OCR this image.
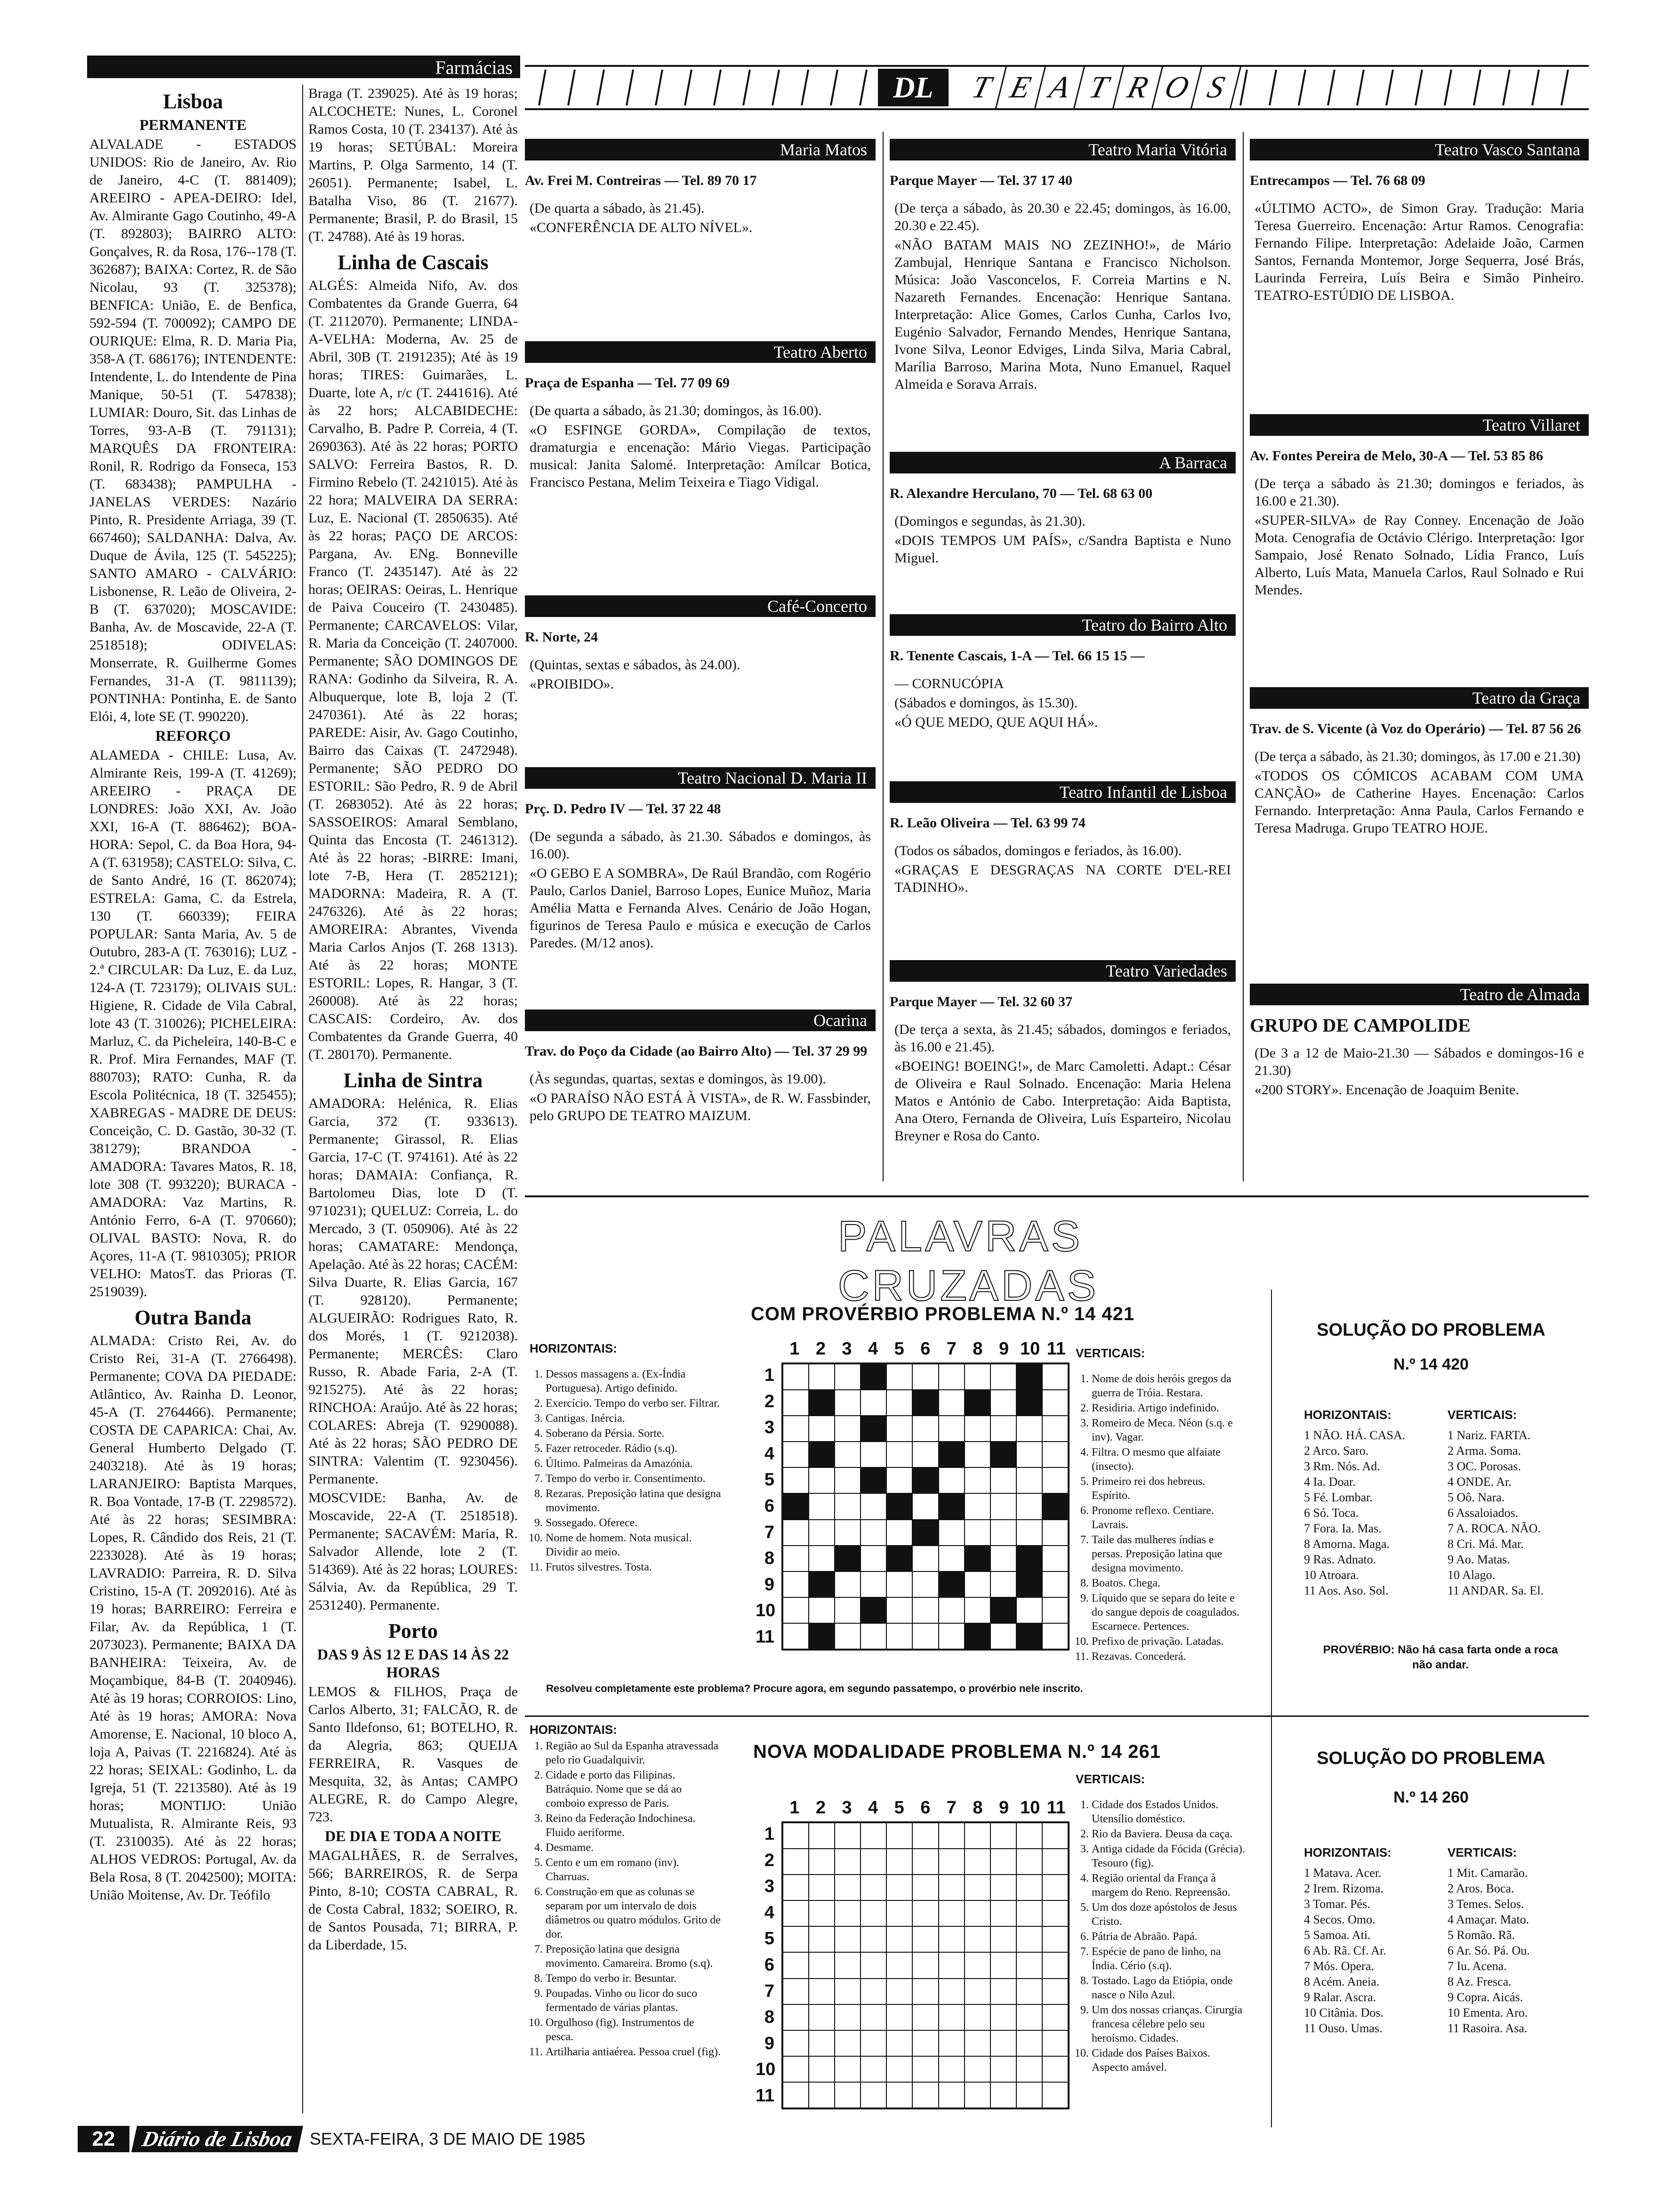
Farmácias
Lisboa
PERMANENTE

ALVALADE - ESTADOS UNIDOS: Rio de Janeiro, Av. Rio de Janeiro, 4-C (T. 881409); AREEIRO - APEA-DEIRO: Idel, Av. Almirante Gago Coutinho, 49-A (T. 892803); BAIRRO ALTO: Gonçalves, R. da Rosa, 176--178 (T. 362687); BAIXA: Cortez, R. de São Nicolau, 93 (T. 325378); BENFICA: União, E. de Benfica, 592-594 (T. 700092); CAMPO DE OURIQUE: Elma, R. D. Maria Pia, 358-A (T. 686176); INTENDENTE: Intendente, L. do Intendente de Pina Manique, 50-51 (T. 547838); LUMIAR: Douro, Sit. das Linhas de Torres, 93-A-B (T. 791131); MARQUÊS DA FRONTEIRA: Ronil, R. Rodrigo da Fonseca, 153 (T. 683438); PAMPULHA - JANELAS VERDES: Nazário Pinto, R. Presidente Arriaga, 39 (T. 667460); SALDANHA: Dalva, Av. Duque de Ávila, 125 (T. 545225); SANTO AMARO - CALVÁRIO: Lisbonense, R. Leão de Oliveira, 2-B (T. 637020); MOSCAVIDE: Banha, Av. de Moscavide, 22-A (T. 2518518); ODIVELAS: Monserrate, R. Guilherme Gomes Fernandes, 31-A (T. 9811139); PONTINHA: Pontinha, E. de Santo Elói, 4, lote SE (T. 990220).

REFORÇO

ALAMEDA - CHILE: Lusa, Av. Almirante Reis, 199-A (T. 41269); AREEIRO - PRAÇA DE LONDRES: João XXI, Av. João XXI, 16-A (T. 886462); BOA-HORA: Sepol, C. da Boa Hora, 94-A (T. 631958); CASTELO: Silva, C. de Santo André, 16 (T. 862074); ESTRELA: Gama, C. da Estrela, 130 (T. 660339); FEIRA POPULAR: Santa Maria, Av. 5 de Outubro, 283-A (T. 763016); LUZ - 2.ª CIRCULAR: Da Luz, E. da Luz, 124-A (T. 723179); OLIVAIS SUL: Higiene, R. Cidade de Vila Cabral, lote 43 (T. 310026); PICHELEIRA: Marluz, C. da Picheleira, 140-B-C e R. Prof. Mira Fernandes, MAF (T. 880703); RATO: Cunha, R. da Escola Politécnica, 18 (T. 325455); XABREGAS - MADRE DE DEUS: Conceição, C. D. Gastão, 30-32 (T. 381279); BRANDOA - AMADORA: Tavares Matos, R. 18, lote 308 (T. 993220); BURACA -AMADORA: Vaz Martins, R. António Ferro, 6-A (T. 970660); OLIVAL BASTO: Nova, R. do Açores, 11-A (T. 9810305); PRIOR VELHO: MatosT. das Prioras (T. 2519039).

Outra Banda

ALMADA: Cristo Rei, Av. do Cristo Rei, 31-A (T. 2766498). Permanente; COVA DA PIEDADE: Atlântico, Av. Rainha D. Leonor, 45-A (T. 2764466). Permanente; COSTA DE CAPARICA: Chai, Av. General Humberto Delgado (T. 2403218). Até às 19 horas; LARANJEIRO: Baptista Marques, R. Boa Vontade, 17-B (T. 2298572). Até às 22 horas; SESIMBRA: Lopes, R. Cândido dos Reis, 21 (T. 2233028). Até às 19 horas; LAVRADIO: Parreira, R. D. Silva Cristino, 15-A (T. 2092016). Até às 19 horas; BARREIRO: Ferreira e Filar, Av. da República, 1 (T. 2073023). Permanente; BAIXA DA BANHEIRA: Teixeira, Av. de Moçambique, 84-B (T. 2040946). Até às 19 horas; CORROIOS: Lino, Até às 19 horas; AMORA: Nova Amorense, E. Nacional, 10 bloco A, loja A, Paivas (T. 2216824). Até às 22 horas; SEIXAL: Godinho, L. da Igreja, 51 (T. 2213580). Até às 19 horas; MONTIJO: União Mutualista, R. Almirante Reis, 93 (T. 2310035). Até às 22 horas; ALHOS VEDROS: Portugal, Av. da Bela Rosa, 8 (T. 2042500); MOITA: União Moitense, Av. Dr. Teófilo

Braga (T. 239025). Até às 19 horas; ALCOCHETE: Nunes, L. Coronel Ramos Costa, 10 (T. 234137). Até às 19 horas; SETÚBAL: Moreira Martins, P. Olga Sarmento, 14 (T. 26051). Permanente; Isabel, L. Batalha Viso, 86 (T. 21677). Permanente; Brasil, P. do Brasil, 15 (T. 24788). Até às 19 horas.

Linha de Cascais

ALGÉS: Almeida Nifo, Av. dos Combatentes da Grande Guerra, 64 (T. 2112070). Permanente; LINDA-A-VELHA: Moderna, Av. 25 de Abril, 30B (T. 2191235); Até às 19 horas; TIRES: Guimarães, L. Duarte, lote A, r/c (T. 2441616). Até às 22 hors; ALCABIDECHE: Carvalho, B. Padre P. Correia, 4 (T. 2690363). Até às 22 horas; PORTO SALVO: Ferreira Bastos, R. D. Firmino Rebelo (T. 2421015). Até às 22 hora; MALVEIRA DA SERRA: Luz, E. Nacional (T. 2850635). Até às 22 horas; PAÇO DE ARCOS: Pargana, Av. ENg. Bonneville Franco (T. 2435147). Até às 22 horas; OEIRAS: Oeiras, L. Henrique de Paiva Couceiro (T. 2430485). Permanente; CARCAVELOS: Vilar, R. Maria da Conceição (T. 2407000. Permanente; SÃO DOMINGOS DE RANA: Godinho da Silveira, R. A. Albuquerque, lote B, loja 2 (T. 2470361). Até às 22 horas; PAREDE: Aisir, Av. Gago Coutinho, Bairro das Caixas (T. 2472948). Permanente; SÃO PEDRO DO ESTORIL: São Pedro, R. 9 de Abril (T. 2683052). Até às 22 horas; SASSOEIROS: Amaral Semblano, Quinta das Encosta (T. 2461312). Até às 22 horas; -BIRRE: Imani, lote 7-B, Hera (T. 2852121); MADORNA: Madeira, R. A (T. 2476326). Até às 22 horas; AMOREIRA: Abrantes, Vivenda Maria Carlos Anjos (T. 268 1313). Até às 22 horas; MONTE ESTORIL: Lopes, R. Hangar, 3 (T. 260008). Até às 22 horas; CASCAIS: Cordeiro, Av. dos Combatentes da Grande Guerra, 40 (T. 280170). Permanente.

Linha de Sintra

AMADORA: Helénica, R. Elias Garcia, 372 (T. 933613). Permanente; Girassol, R. Elias Garcia, 17-C (T. 974161). Até às 22 horas; DAMAIA: Confiança, R. Bartolomeu Dias, lote D (T. 9710231); QUELUZ: Correia, L. do Mercado, 3 (T. 050906). Até às 22 horas; CAMATARE: Mendonça, Apelação. Até às 22 horas; CACÉM: Silva Duarte, R. Elias Garcia, 167 (T. 928120). Permanente; ALGUEIRÃO: Rodrigues Rato, R. dos Morés, 1 (T. 9212038). Permanente; MERCÊS: Claro Russo, R. Abade Faria, 2-A (T. 9215275). Até às 22 horas; RINCHOA: Araújo. Até às 22 horas; COLARES: Abreja (T. 9290088). Até às 22 horas; SÃO PEDRO DE SINTRA: Valentim (T. 9230456). Permanente.

MOSCVIDE: Banha, Av. de Moscavide, 22-A (T. 2518518). Permanente; SACAVÉM: Maria, R. Salvador Allende, lote 2 (T. 514369). Até às 22 horas; LOURES: Sálvia, Av. da República, 29 T. 2531240). Permanente.

Porto
DAS 9 ÀS 12 E DAS 14 ÀS 22 HORAS

LEMOS & FILHOS, Praça de Carlos Alberto, 31; FALCÃO, R. de Santo Ildefonso, 61; BOTELHO, R. da Alegria, 863; QUEIJA FERREIRA, R. Vasques de Mesquita, 32, às Antas; CAMPO ALEGRE, R. do Campo Alegre, 723.

DE DIA E TODA A NOITE

MAGALHÃES, R. de Serralves, 566; BARREIROS, R. de Serpa Pinto, 8-10; COSTA CABRAL, R. de Costa Cabral, 1832; SOEIRO, R. de Santos Pousada, 71; BIRRA, P. da Liberdade, 15.

DL	T E A T R O S
Maria Matos
Av. Frei M. Contreiras — Tel. 89 70 17

(De quarta a sábado, às 21.45).

«CONFERÊNCIA DE ALTO NÍVEL».

Teatro Maria Vitória
Parque Mayer — Tel. 37 17 40

(De terça a sábado, às 20.30 e 22.45; domingos, às 16.00, 20.30 e 22.45).

«NÃO BATAM MAIS NO ZEZINHO!», de Mário Zambujal, Henrique Santana e Francisco Nicholson. Música: João Vasconcelos, F. Correia Martins e N. Nazareth Fernandes. Encenação: Henrique Santana. Interpretação: Alice Gomes, Carlos Cunha, Carlos Ivo, Eugénio Salvador, Fernando Mendes, Henrique Santana, Ivone Silva, Leonor Edviges, Linda Silva, Maria Cabral, Marília Barroso, Marina Mota, Nuno Emanuel, Raquel Almeida e Sorava Arrais.

Teatro Vasco Santana
Entrecampos — Tel. 76 68 09

«ÚLTIMO ACTO», de Simon Gray. Tradução: Maria Teresa Guerreiro. Encenação: Artur Ramos. Cenografia: Fernando Filipe. Interpretação: Adelaide João, Carmen Santos, Fernanda Montemor, Jorge Sequerra, José Brás, Laurinda Ferreira, Luís Beira e Simão Pinheiro. TEATRO-ESTÚDIO DE LISBOA.

Teatro Aberto
Praça de Espanha — Tel. 77 09 69

(De quarta a sábado, às 21.30; domingos, às 16.00).

«O ESFINGE GORDA», Compilação de textos, dramaturgia e encenação: Mário Viegas. Participação musical: Janita Salomé. Interpretação: Amílcar Botica, Francisco Pestana, Melim Teixeira e Tiago Vidigal.

A Barraca
R. Alexandre Herculano, 70 — Tel. 68 63 00

(Domingos e segundas, às 21.30).

«DOIS TEMPOS UM PAÍS», c/Sandra Baptista e Nuno Miguel.

Teatro Villaret
Av. Fontes Pereira de Melo, 30-A — Tel. 53 85 86

(De terça a sábado às 21.30; domingos e feriados, às 16.00 e 21.30).

«SUPER-SILVA» de Ray Conney. Encenação de João Mota. Cenografia de Octávio Clérigo. Interpretação: Igor Sampaio, José Renato Solnado, Lídia Franco, Luís Alberto, Luís Mata, Manuela Carlos, Raul Solnado e Rui Mendes.

Café-Concerto
R. Norte, 24

(Quintas, sextas e sábados, às 24.00).

«PROIBIDO».

Teatro do Bairro Alto
R. Tenente Cascais, 1-A — Tel. 66 15 15 —

— CORNUCÓPIA

(Sábados e domingos, às 15.30).

«Ó QUE MEDO, QUE AQUI HÁ».

Teatro da Graça
Trav. de S. Vicente (à Voz do Operário) — Tel. 87 56 26

(De terça a sábado, às 21.30; domingos, às 17.00 e 21.30)

«TODOS OS CÓMICOS ACABAM COM UMA CANÇÃO» de Catherine Hayes. Encenação: Carlos Fernando. Interpretação: Anna Paula, Carlos Fernando e Teresa Madruga. Grupo TEATRO HOJE.

Teatro Nacional D. Maria II
Prç. D. Pedro IV — Tel. 37 22 48

(De segunda a sábado, às 21.30. Sábados e domingos, às 16.00).

«O GEBO E A SOMBRA», De Raúl Brandão, com Rogério Paulo, Carlos Daniel, Barroso Lopes, Eunice Muñoz, Maria Amélia Matta e Fernanda Alves. Cenário de João Hogan, figurinos de Teresa Paulo e música e execução de Carlos Paredes. (M/12 anos).

Teatro Infantil de Lisboa
R. Leão Oliveira — Tel. 63 99 74

(Todos os sábados, domingos e feriados, às 16.00).

«GRAÇAS E DESGRAÇAS NA CORTE D'EL-REI TADINHO».

Teatro Variedades
Parque Mayer — Tel. 32 60 37

(De terça a sexta, às 21.45; sábados, domingos e feriados, às 16.00 e 21.45).

«BOEING! BOEING!», de Marc Camoletti. Adapt.: César de Oliveira e Raul Solnado. Encenação: Maria Helena Matos e António de Cabo. Interpretação: Aida Baptista, Ana Otero, Fernanda de Oliveira, Luís Esparteiro, Nicolau Breyner e Rosa do Canto.

Teatro de Almada
GRUPO DE CAMPOLIDE

(De 3 a 12 de Maio-21.30 — Sábados e domingos-16 e 21.30)

«200 STORY». Encenação de Joaquim Benite.

Ocarina
Trav. do Poço da Cidade (ao Bairro Alto) — Tel. 37 29 99

(Às segundas, quartas, sextas e domingos, às 19.00).

«O PARAÍSO NÃO ESTÁ À VISTA», de R. W. Fassbinder, pelo GRUPO DE TEATRO MAIZUM.

PALAVRAS CRUZADAS
COM PROVÉRBIO PROBLEMA N.º 14 421
HORIZONTAIS:
1. Dessos massagens a. (Ex-Índia Portuguesa). Artigo definido.
2. Exercício. Tempo do verbo ser. Filtrar.
3. Cantigas. Inércia.
4. Soberano da Pérsia. Sorte.
5. Fazer retroceder. Rádio (s.q).
6. Último. Palmeiras da Amazónia.
7. Tempo do verbo ir. Consentimento.
8. Rezaras. Preposição latina que designa movimento.
9. Sossegado. Oferece.
10. Nome de homem. Nota musical. Dividir ao meio.
11. Frutos silvestres. Tosta.
1 2 3 4 5 6 7 8 9 10 11
1
2
3
4
5
6
7
8
9
10
11
VERTICAIS:
1. Nome de dois heróis gregos da guerra de Tróia. Restara.
2. Residiria. Artigo indefinido.
3. Romeiro de Meca. Néon (s.q. e inv). Vagar.
4. Filtra. O mesmo que alfaiate (insecto).
5. Primeiro rei dos hebreus. Espírito.
6. Pronome reflexo. Centiare. Lavrais.
7. Taile das mulheres índias e persas. Preposição latina que designa movimento.
8. Boatos. Chega.
9. Líquido que se separa do leite e do sangue depois de coagulados. Escarnece. Pertences.
10. Prefixo de privação. Latadas.
11. Rezavas. Concederá.
Resolveu completamente este problema? Procure agora, em segundo passatempo, o provérbio nele inscrito.
SOLUÇÃO DO PROBLEMA
N.º 14 420
HORIZONTAIS:
1 NÃO. HÁ. CASA.
2 Arco. Saro.
3 Rm. Nós. Ad.
4 Ia. Doar.
5 Fé. Lombar.
6 Só. Toca.
7 Fora. Ia. Mas.
8 Amorna. Maga.
9 Ras. Adnato.
10 Atroara.
11 Aos. Aso. Sol.
VERTICAIS:
1 Nariz. FARTA.
2 Arma. Soma.
3 OC. Porosas.
4 ONDE. Ar.
5 Oô. Nara.
6 Assaloiados.
7 A. ROCA. NÃO.
8 Cri. Má. Mar.
9 Ao. Matas.
10 Alago.
11 ANDAR. Sa. El.
PROVÉRBIO: Não há casa farta onde a roca não andar.
HORIZONTAIS:
1. Região ao Sul da Espanha atravessada pelo rio Guadalquivir.
2. Cidade e porto das Filipinas. Batráquio. Nome que se dá ao comboio expresso de Paris.
3. Reino da Federação Indochinesa. Fluido aeriforme.
4. Desmame.
5. Cento e um em romano (inv). Charruas.
6. Construção em que as colunas se separam por um intervalo de dois diâmetros ou quatro módulos. Grito de dor.
7. Preposição latina que designa movimento. Camareira. Bromo (s.q).
8. Tempo do verbo ir. Besuntar.
9. Poupadas. Vinho ou licor do suco fermentado de várias plantas.
10. Orgulhoso (fig). Instrumentos de pesca.
11. Artilharia antiaérea. Pessoa cruel (fig).
NOVA MODALIDADE PROBLEMA N.º 14 261
1 2 3 4 5 6 7 8 9 10 11
1
2
3
4
5
6
7
8
9
10
11
VERTICAIS:
1. Cidade dos Estados Unidos. Utensílio doméstico.
2. Rio da Baviera. Deusa da caça.
3. Antiga cidade da Fócida (Grécia). Tesouro (fig).
4. Região oriental da França à margem do Reno. Repreensão.
5. Um dos doze apóstolos de Jesus Cristo.
6. Pátria de Abraão. Papá.
7. Espécie de pano de linho, na Índia. Cério (s.q).
8. Tostado. Lago da Etiópia, onde nasce o Nilo Azul.
9. Um dos nossas crianças. Cirurgia francesa célebre pelo seu heroísmo. Cidades.
10. Cidade dos Países Baixos. Aspecto amável.
SOLUÇÃO DO PROBLEMA
N.º 14 260
HORIZONTAIS:
1 Matava. Acer.
2 Irem. Rizoma.
3 Tomar. Pés.
4 Secos. Omo.
5 Samoa. Ati.
6 Ab. Rã. Cf. Ar.
7 Mós. Opera.
8 Acém. Aneia.
9 Ralar. Ascra.
10 Citânia. Dos.
11 Ouso. Umas.
VERTICAIS:
1 Mit. Camarão.
2 Aros. Boca.
3 Temes. Selos.
4 Amaçar. Mato.
5 Romão. Rã.
6 Ar. Só. Pá. Ou.
7 Iu. Acena.
8 Az. Fresca.
9 Copra. Aicás.
10 Ementa. Aro.
11 Rasoira. Asa.
22	Diário de Lisboa SEXTA-FEIRA, 3 DE MAIO DE 1985
